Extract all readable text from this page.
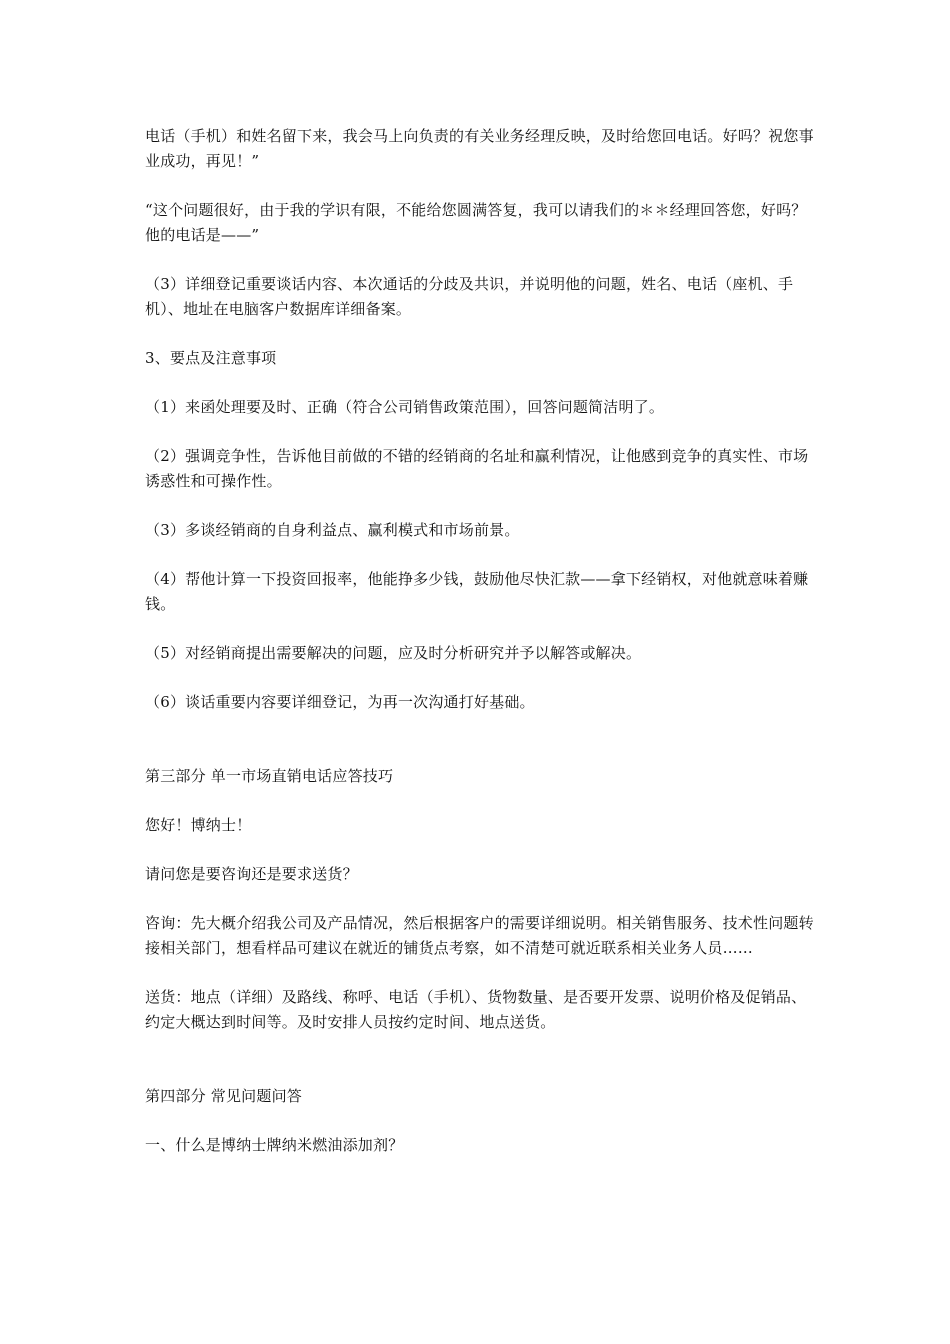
电话（手机）和姓名留下来，我会马上向负责的有关业务经理反映，及时给您回电话。好吗？祝您事业成功，再见！”

“这个问题很好，由于我的学识有限，不能给您圆满答复，我可以请我们的＊＊经理回答您，好吗？他的电话是——”

（3）详细登记重要谈话内容、本次通话的分歧及共识，并说明他的问题，姓名、电话（座机、手机）、地址在电脑客户数据库详细备案。

3、要点及注意事项

（1）来函处理要及时、正确（符合公司销售政策范围），回答问题简洁明了。

（2）强调竞争性，告诉他目前做的不错的经销商的名址和赢利情况，让他感到竞争的真实性、市场诱惑性和可操作性。

（3）多谈经销商的自身利益点、赢利模式和市场前景。

（4）帮他计算一下投资回报率，他能挣多少钱，鼓励他尽快汇款——拿下经销权，对他就意味着赚钱。

（5）对经销商提出需要解决的问题，应及时分析研究并予以解答或解决。

（6）谈话重要内容要详细登记，为再一次沟通打好基础。

第三部分 单一市场直销电话应答技巧

您好！博纳士！

请问您是要咨询还是要求送货？

咨询：先大概介绍我公司及产品情况，然后根据客户的需要详细说明。相关销售服务、技术性问题转接相关部门，想看样品可建议在就近的铺货点考察，如不清楚可就近联系相关业务人员……

送货：地点（详细）及路线、称呼、电话（手机）、货物数量、是否要开发票、说明价格及促销品、约定大概达到时间等。及时安排人员按约定时间、地点送货。

第四部分 常见问题问答

一、什么是博纳士牌纳米燃油添加剂？
